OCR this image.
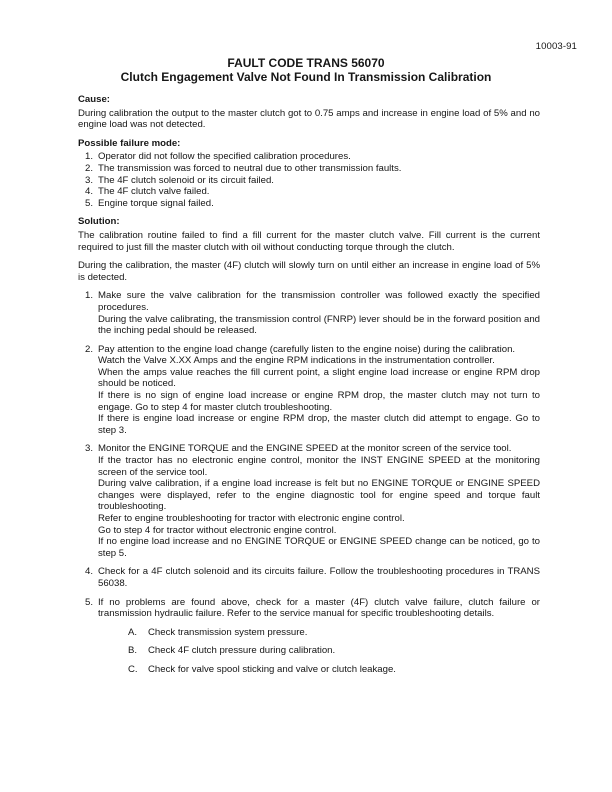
10003-91

FAULT CODE TRANS 56070

Clutch Engagement Valve Not Found In Transmission Calibration

Cause:

During calibration the output to the master clutch got to 0.75 amps and increase in engine load of 5% and no engine load was not detected.

Possible failure mode:

1. Operator did not follow the specified calibration procedures.
2. The transmission was forced to neutral due to other transmission faults.
3. The 4F clutch solenoid or its circuit failed.
4. The 4F clutch valve failed.
5. Engine torque signal failed.

Solution:

The calibration routine failed to find a fill current for the master clutch valve. Fill current is the current required to just fill the master clutch with oil without conducting torque through the clutch.

During the calibration, the master (4F) clutch will slowly turn on until either an increase in engine load of 5% is detected.

1. Make sure the valve calibration for the transmission controller was followed exactly the specified procedures.
During the valve calibrating, the transmission control (FNRP) lever should be in the forward position and the inching pedal should be released.
2. Pay attention to the engine load change (carefully listen to the engine noise) during the calibration.
Watch the Valve X.XX Amps and the engine RPM indications in the instrumentation controller.
When the amps value reaches the fill current point, a slight engine load increase or engine RPM drop should be noticed.
If there is no sign of engine load increase or engine RPM drop, the master clutch may not turn to engage. Go to step 4 for master clutch troubleshooting.
If there is engine load increase or engine RPM drop, the master clutch did attempt to engage. Go to step 3.
3. Monitor the ENGINE TORQUE and the ENGINE SPEED at the monitor screen of the service tool.
If the tractor has no electronic engine control, monitor the INST ENGINE SPEED at the monitoring screen of the service tool.
During valve calibration, if a engine load increase is felt but no ENGINE TORQUE or ENGINE SPEED changes were displayed, refer to the engine diagnostic tool for engine speed and torque fault troubleshooting.
Refer to engine troubleshooting for tractor with electronic engine control.
Go to step 4 for tractor without electronic engine control.
If no engine load increase and no ENGINE TORQUE or ENGINE SPEED change can be noticed, go to step 5.
4. Check for a 4F clutch solenoid and its circuits failure. Follow the troubleshooting procedures in TRANS 56038.
5. If no problems are found above, check for a master (4F) clutch valve failure, clutch failure or transmission hydraulic failure. Refer to the service manual for specific troubleshooting details.
A.	Check transmission system pressure.
B.	Check 4F clutch pressure during calibration.
C.	Check for valve spool sticking and valve or clutch leakage.
